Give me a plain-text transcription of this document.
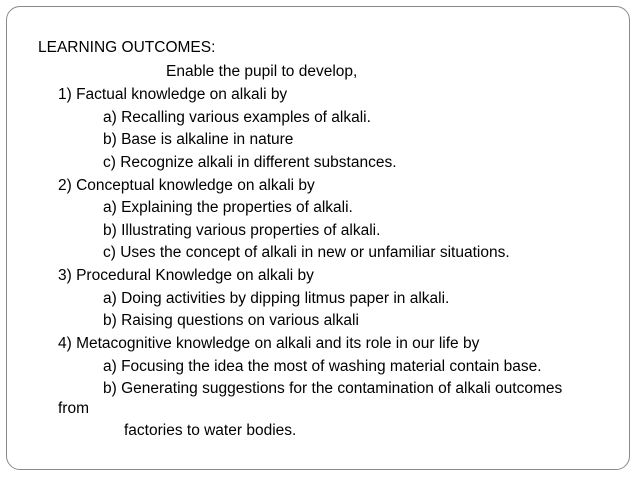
LEARNING OUTCOMES:
Enable the pupil to develop,
1) Factual knowledge on alkali by
a) Recalling various examples of alkali.
b) Base is alkaline in nature
c) Recognize alkali in different substances.
2) Conceptual knowledge on alkali by
a) Explaining the properties of alkali.
b) Illustrating various properties of alkali.
c) Uses the concept of alkali in new or unfamiliar situations.
3) Procedural Knowledge on alkali by
a) Doing activities by dipping litmus paper in alkali.
b) Raising questions on various alkali
4) Metacognitive knowledge on alkali and its role in our life by
a) Focusing the idea the most of washing material contain base.
b) Generating suggestions for the contamination of alkali outcomes
from
factories to water bodies.
